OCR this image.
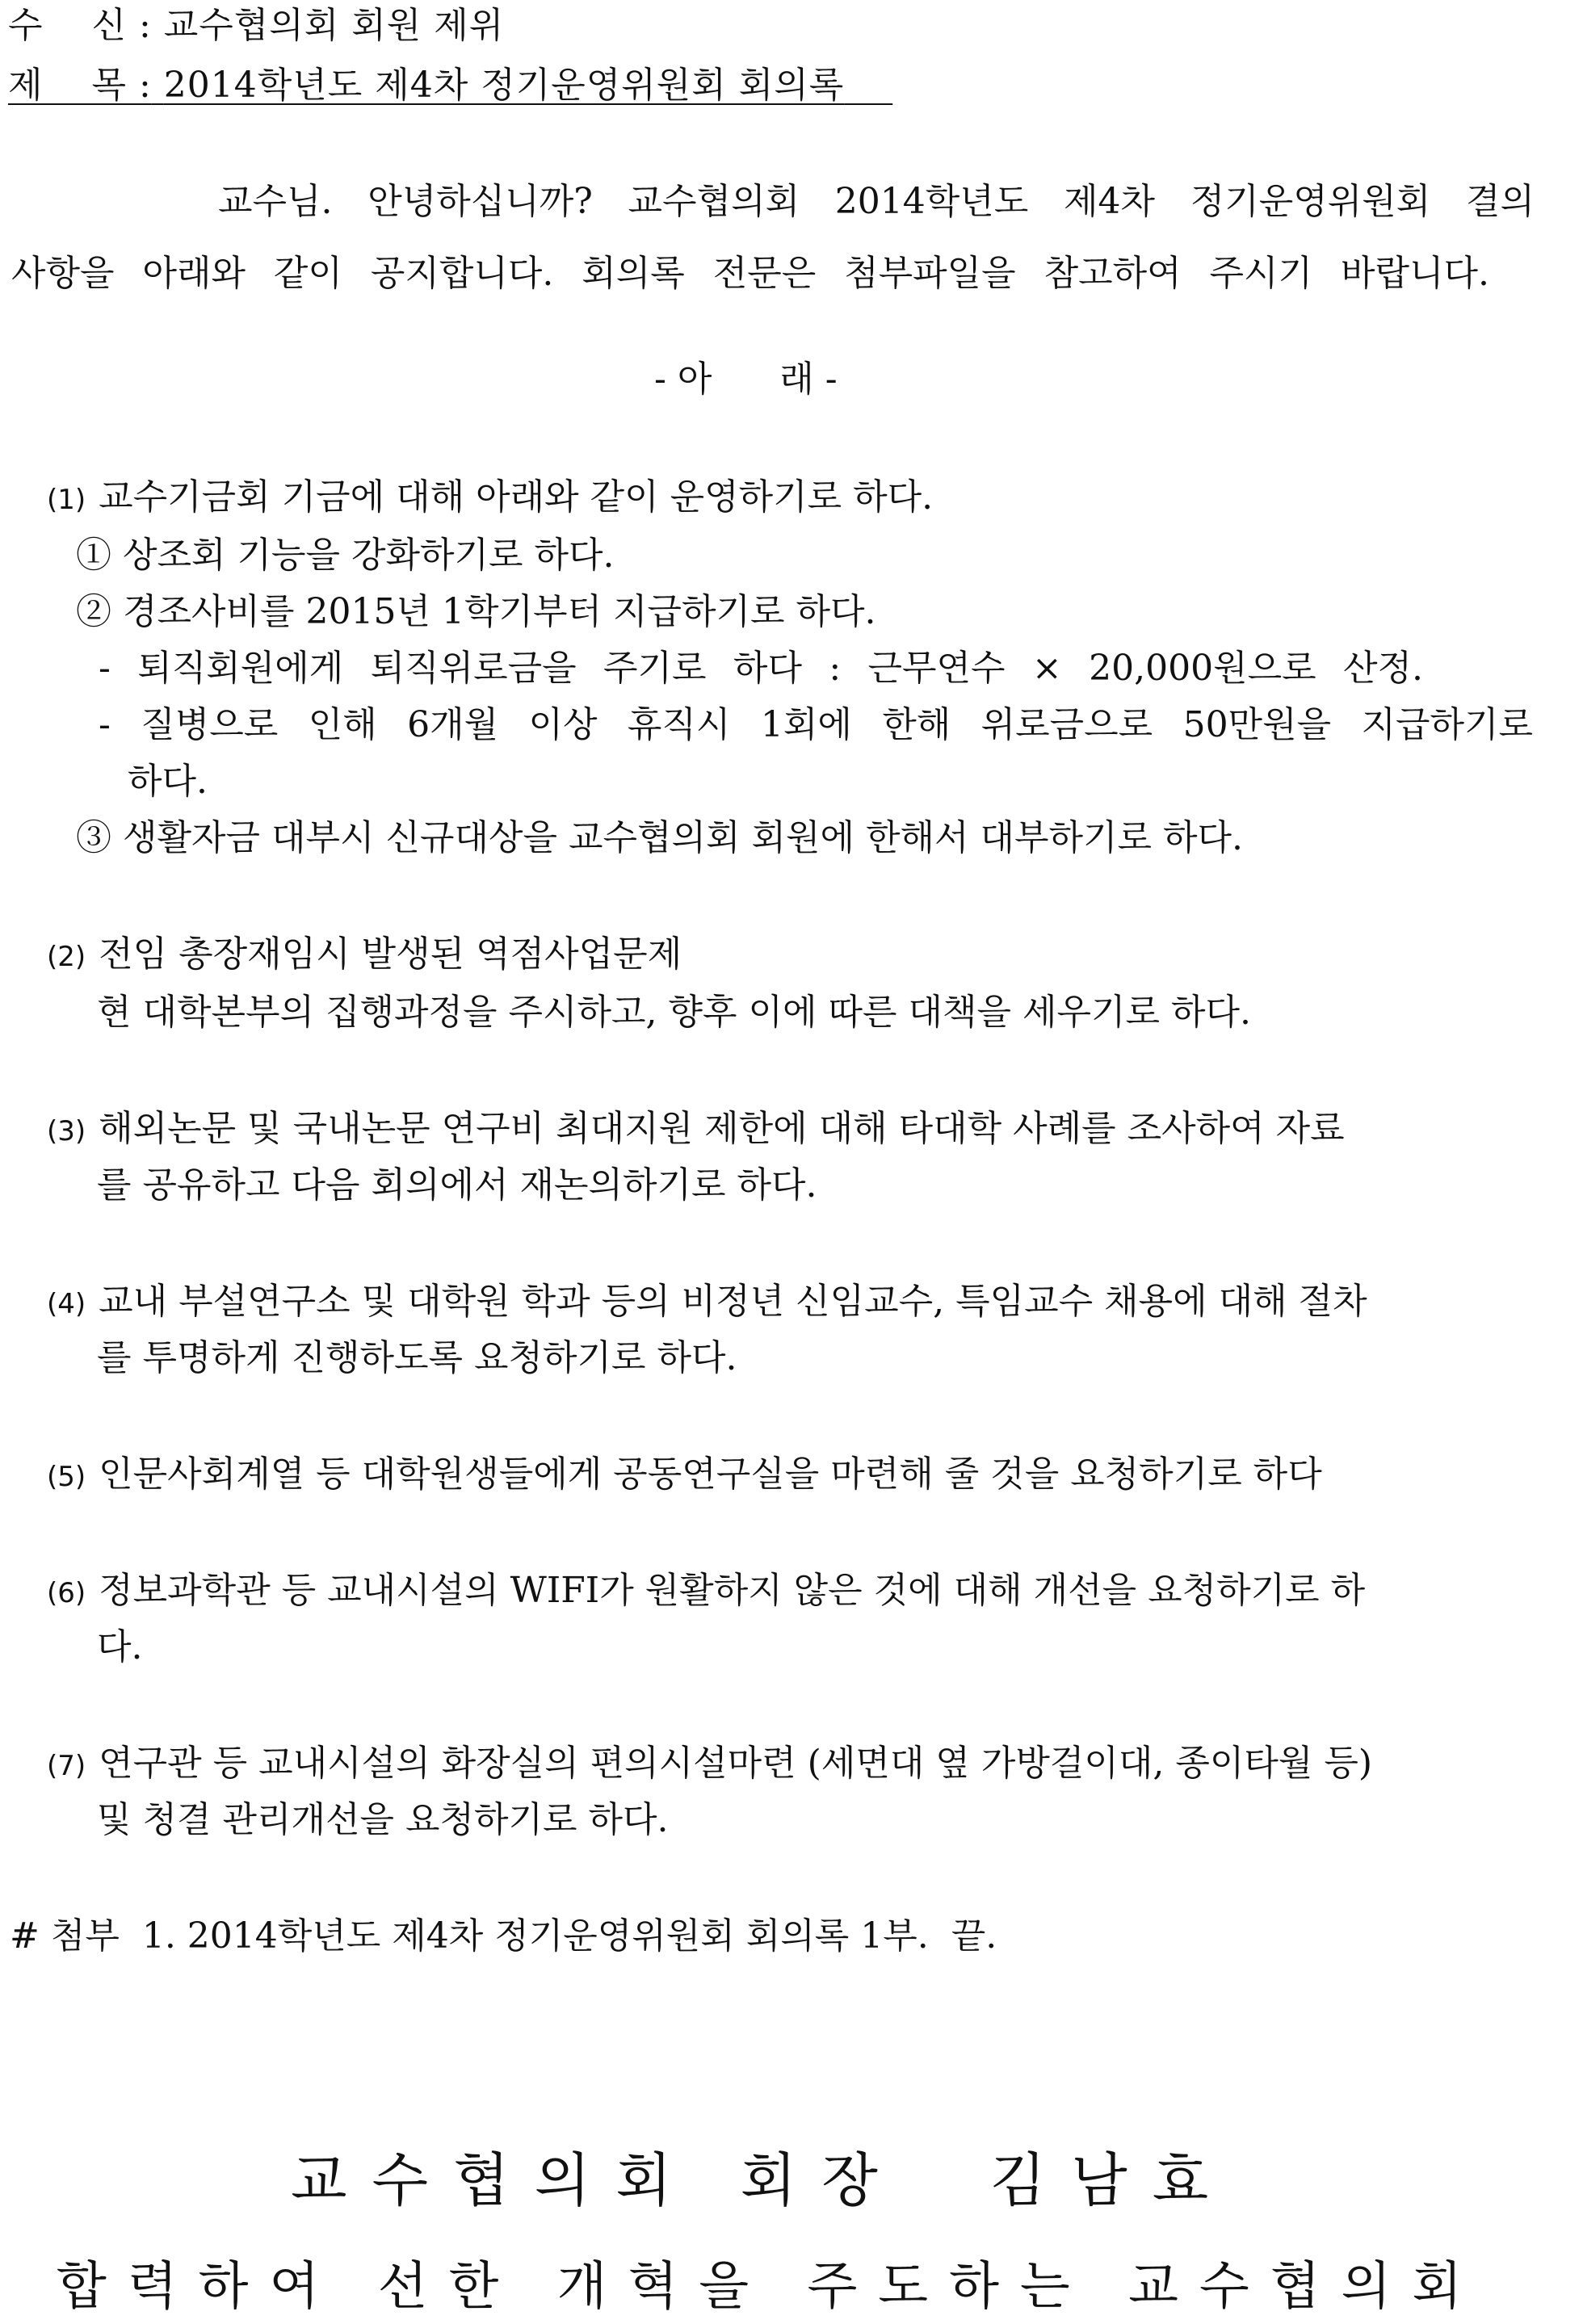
수    신 : 교수협의회 회원 제위
제    목 : 2014학년도 제4차 정기운영위원회 회의록
교수님. 안녕하십니까? 교수협의회 2014학년도 제4차 정기운영위원회 결의
사항을 아래와 같이 공지합니다. 회의록 전문은 첨부파일을 참고하여 주시기 바랍니다.
- 아      래 -
(1) 교수기금회 기금에 대해 아래와 같이 운영하기로 하다.
① 상조회 기능을 강화하기로 하다.
② 경조사비를 2015년 1학기부터 지급하기로 하다.
- 퇴직회원에게 퇴직위로금을 주기로 하다 : 근무연수 × 20,000원으로 산정.
- 질병으로 인해 6개월 이상 휴직시 1회에 한해 위로금으로 50만원을 지급하기로
하다.
③ 생활자금 대부시 신규대상을 교수협의회 회원에 한해서 대부하기로 하다.
(2) 전임 총장재임시 발생된 역점사업문제
현 대학본부의 집행과정을 주시하고, 향후 이에 따른 대책을 세우기로 하다.
(3) 해외논문 및 국내논문 연구비 최대지원 제한에 대해 타대학 사례를 조사하여 자료
를 공유하고 다음 회의에서 재논의하기로 하다.
(4) 교내 부설연구소 및 대학원 학과 등의 비정년 신임교수, 특임교수 채용에 대해 절차
를 투명하게 진행하도록 요청하기로 하다.
(5) 인문사회계열 등 대학원생들에게 공동연구실을 마련해 줄 것을 요청하기로 하다
(6) 정보과학관 등 교내시설의 WIFI가 원활하지 않은 것에 대해 개선을 요청하기로 하
다.
(7) 연구관 등 교내시설의 화장실의 편의시설마련 (세면대 옆 가방걸이대, 종이타월 등)
및 청결 관리개선을 요청하기로 하다.
# 첨부  1. 2014학년도 제4차 정기운영위원회 회의록 1부.  끝.
교수협의회 회장  김남효
합력하여 선한 개혁을 주도하는 교수협의회
